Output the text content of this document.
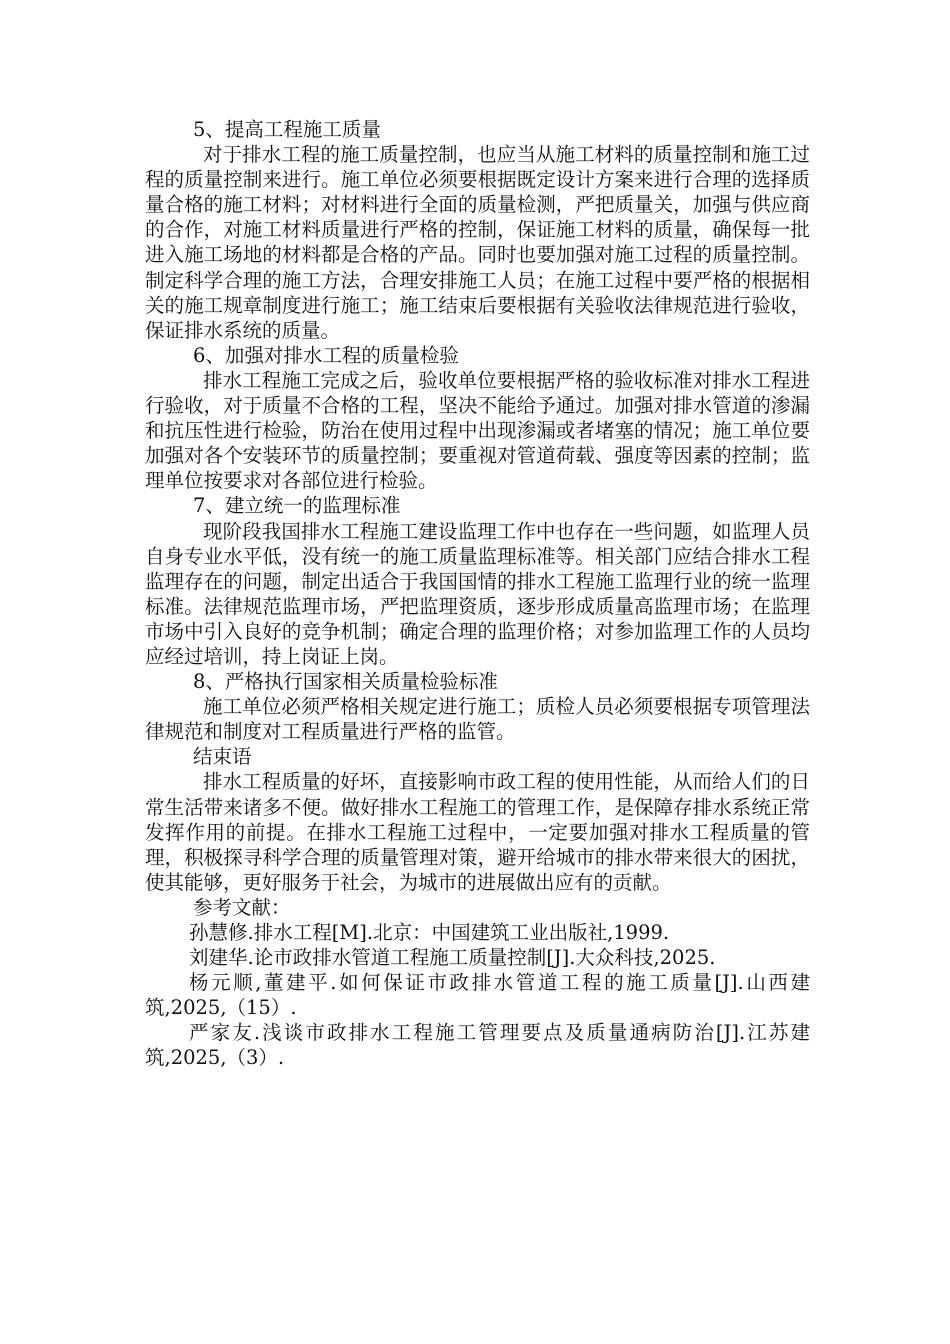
5、提高工程施工质量

对于排水工程的施工质量控制，也应当从施工材料的质量控制和施工过程的质量控制来进行。施工单位必须要根据既定设计方案来进行合理的选择质量合格的施工材料；对材料进行全面的质量检测，严把质量关，加强与供应商的合作，对施工材料质量进行严格的控制，保证施工材料的质量，确保每一批进入施工场地的材料都是合格的产品。同时也要加强对施工过程的质量控制。制定科学合理的施工方法，合理安排施工人员；在施工过程中要严格的根据相关的施工规章制度进行施工；施工结束后要根据有关验收法律规范进行验收，保证排水系统的质量。

6、加强对排水工程的质量检验

排水工程施工完成之后，验收单位要根据严格的验收标准对排水工程进行验收，对于质量不合格的工程，坚决不能给予通过。加强对排水管道的渗漏和抗压性进行检验，防治在使用过程中出现渗漏或者堵塞的情况；施工单位要加强对各个安装环节的质量控制；要重视对管道荷载、强度等因素的控制；监理单位按要求对各部位进行检验。

7、建立统一的监理标准

现阶段我国排水工程施工建设监理工作中也存在一些问题，如监理人员自身专业水平低，没有统一的施工质量监理标准等。相关部门应结合排水工程监理存在的问题，制定出适合于我国国情的排水工程施工监理行业的统一监理标准。法律规范监理市场，严把监理资质，逐步形成质量高监理市场；在监理市场中引入良好的竞争机制；确定合理的监理价格；对参加监理工作的人员均应经过培训，持上岗证上岗。

8、严格执行国家相关质量检验标准

施工单位必须严格相关规定进行施工；质检人员必须要根据专项管理法律规范和制度对工程质量进行严格的监管。

结束语

排水工程质量的好坏，直接影响市政工程的使用性能，从而给人们的日常生活带来诸多不便。做好排水工程施工的管理工作，是保障存排水系统正常发挥作用的前提。在排水工程施工过程中，一定要加强对排水工程质量的管理，积极探寻科学合理的质量管理对策，避开给城市的排水带来很大的困扰，使其能够，更好服务于社会，为城市的进展做出应有的贡献。

参考文献：

孙慧修.排水工程[M].北京：中国建筑工业出版社,1999.

刘建华.论市政排水管道工程施工质量控制[J].大众科技,2025.

杨元顺,董建平.如何保证市政排水管道工程的施工质量[J].山西建筑,2025,（15）.

严家友.浅谈市政排水工程施工管理要点及质量通病防治[J].江苏建筑,2025,（3）.
